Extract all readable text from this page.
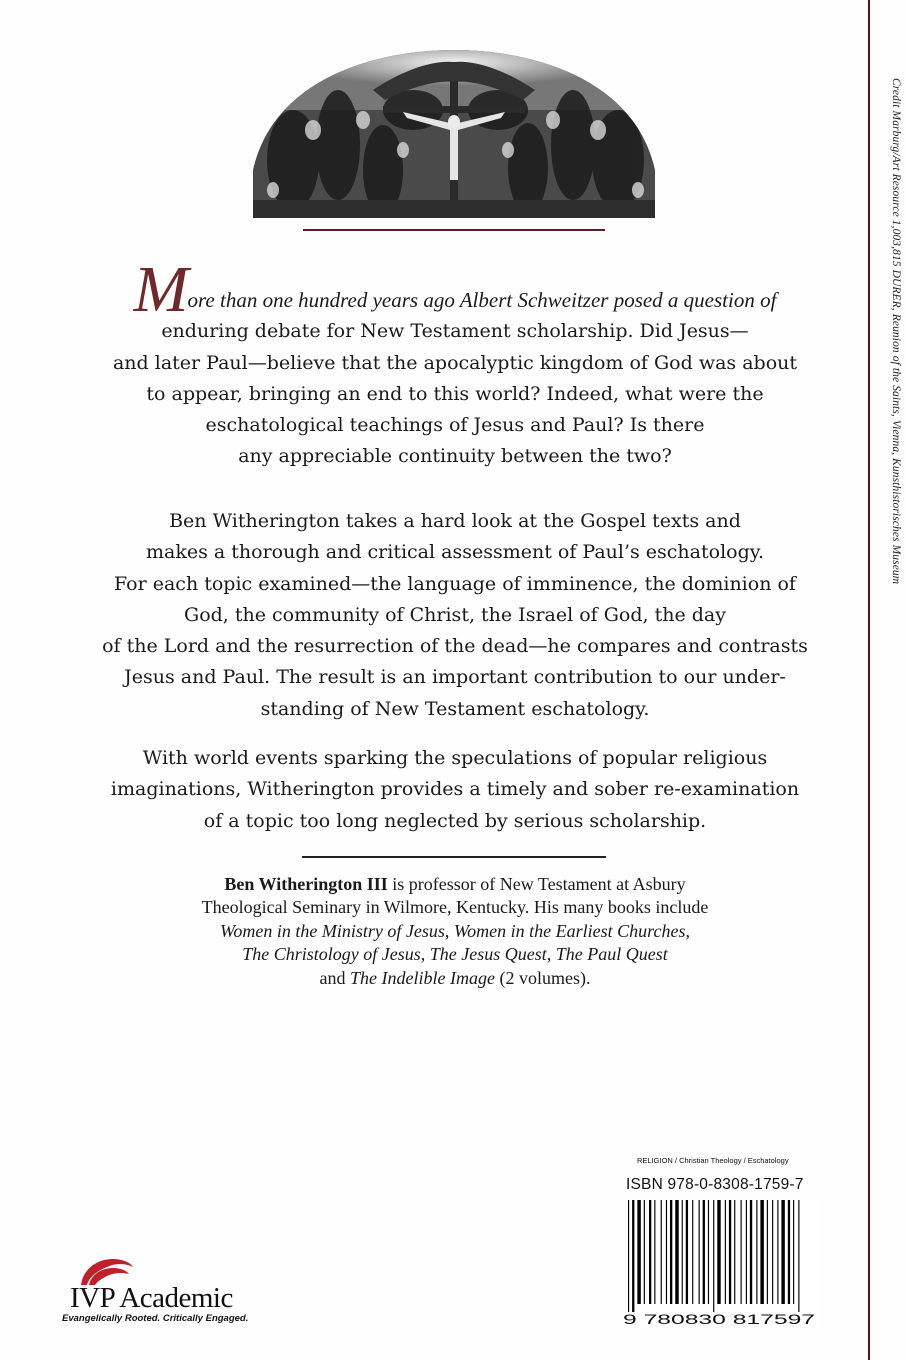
Credit Marburg/Art Resource 1,003,815 DURER, Reunion of the Saints, Vienna, Kunsthistorisches Museum
More than one hundred years ago Albert Schweitzer posed a question of
enduring debate for New Testament scholarship. Did Jesus—
and later Paul—believe that the apocalyptic kingdom of God was about
to appear, bringing an end to this world? Indeed, what were the
eschatological teachings of Jesus and Paul? Is there
any appreciable continuity between the two?
Ben Witherington takes a hard look at the Gospel texts and
makes a thorough and critical assessment of Paul’s eschatology.
For each topic examined—the language of imminence, the dominion of
God, the community of Christ, the Israel of God, the day
of the Lord and the resurrection of the dead—he compares and contrasts
Jesus and Paul. The result is an important contribution to our under-
standing of New Testament eschatology.
With world events sparking the speculations of popular religious
imaginations, Witherington provides a timely and sober re-examination
of a topic too long neglected by serious scholarship.
Ben Witherington III is professor of New Testament at Asbury
Theological Seminary in Wilmore, Kentucky. His many books include
Women in the Ministry of Jesus, Women in the Earliest Churches,
The Christology of Jesus, The Jesus Quest, The Paul Quest
and The Indelible Image (2 volumes).
RELIGION / Christian Theology / Eschatology
ISBN 978-0-8308-1759-7
9 780830 817597
IVP Academic
Evangelically Rooted. Critically Engaged.
